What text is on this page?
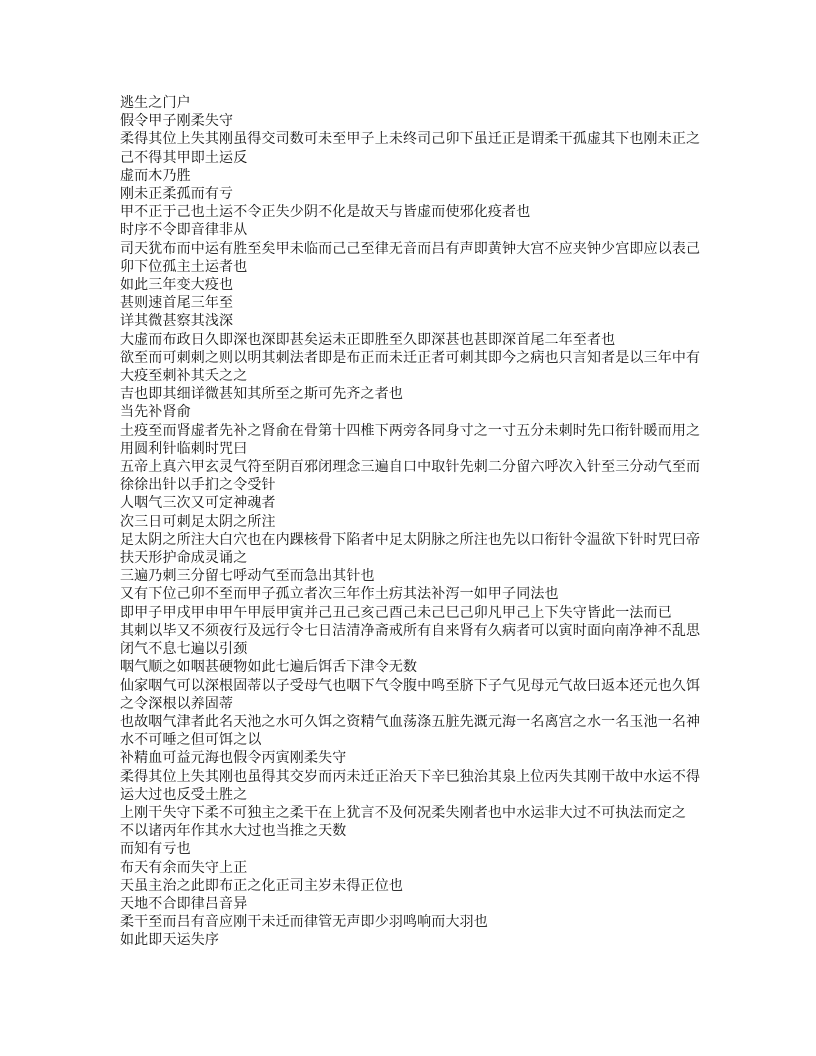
逃生之门户
假令甲子刚柔失守
柔得其位上失其刚虽得交司数可未至甲子上未终司己卯下虽迁正是谓柔干孤虚其下也刚未正之
己不得其甲即土运反
虚而木乃胜
刚未正柔孤而有亏
甲不正于己也土运不令正失少阴不化是故天与皆虚而使邪化疫者也
时序不令即音律非从
司天犹布而中运有胜至矣甲未临而己己至律无音而吕有声即黄钟大宫不应夹钟少宫即应以表己
卯下位孤主土运者也
如此三年变大疫也
甚则速首尾三年至
详其微甚察其浅深
大虚而布政日久即深也深即甚矣运未正即胜至久即深甚也甚即深首尾二年至者也
欲至而可刺刺之则以明其刺法者即是布正而未迁正者可刺其即今之病也只言知者是以三年中有
大疫至刺补其夭之之
吉也即其细详微甚知其所至之斯可先齐之者也
当先补肾俞
土疫至而肾虚者先补之肾俞在骨第十四椎下两旁各同身寸之一寸五分未刺时先口衔针暖而用之
用圆利针临刺时咒曰
五帝上真六甲玄灵气符至阴百邪闭理念三遍自口中取针先刺二分留六呼次入针至三分动气至而
徐徐出针以手扪之令受针
人咽气三次又可定神魂者
次三日可刺足太阴之所注
足太阴之所注大白穴也在内踝核骨下陷者中足太阴脉之所注也先以口衔针令温欲下针时咒曰帝
扶天形护命成灵诵之
三遍乃刺三分留七呼动气至而急出其针也
又有下位己卯不至而甲子孤立者次三年作土疠其法补泻一如甲子同法也
即甲子甲戌甲申甲午甲辰甲寅并己丑己亥己酉己未己巳己卯凡甲己上下失守皆此一法而已
其刺以毕又不须夜行及远行令七日洁清净斋戒所有自来肾有久病者可以寅时面向南净神不乱思
闭气不息七遍以引颈
咽气顺之如咽甚硬物如此七遍后饵舌下津令无数
仙家咽气可以深根固蒂以子受母气也咽下气令腹中鸣至脐下子气见母元气故曰返本还元也久饵
之令深根以养固蒂
也故咽气津者此名天池之水可久饵之资精气血荡涤五脏先溉元海一名离宫之水一名玉池一名神
水不可唾之但可饵之以
补精血可益元海也假令丙寅刚柔失守
柔得其位上失其刚也虽得其交岁而丙未迁正治天下辛巳独治其泉上位丙失其刚干故中水运不得
运大过也反受土胜之
上刚干失守下柔不可独主之柔干在上犹言不及何况柔失刚者也中水运非大过不可执法而定之
不以诸丙年作其水大过也当推之天数
而知有亏也
布天有余而失守上正
天虽主治之此即布正之化正司主岁未得正位也
天地不合即律吕音异
柔干至而吕有音应刚干未迁而律管无声即少羽鸣响而大羽也
如此即天运失序
